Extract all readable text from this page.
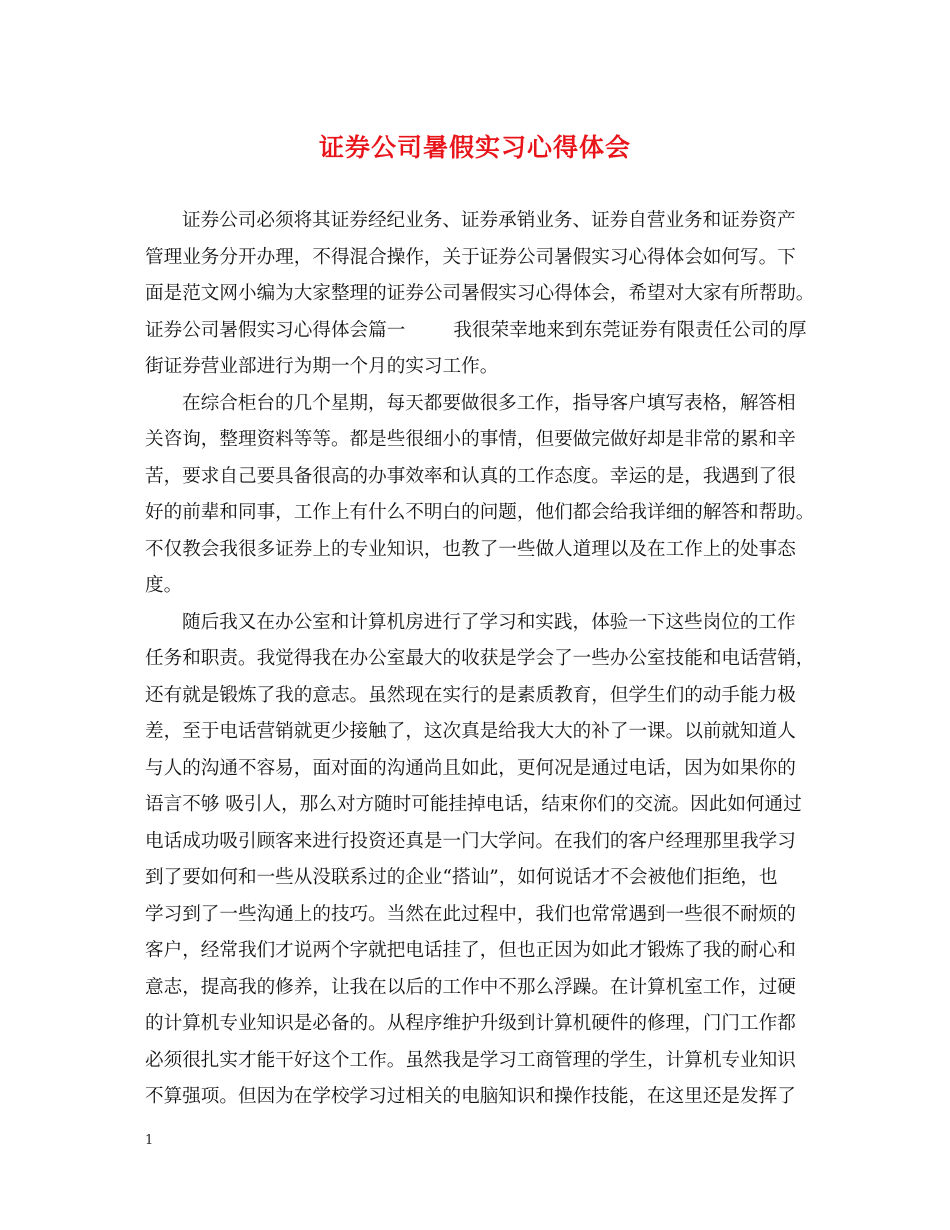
证券公司暑假实习心得体会

证券公司必须将其证券经纪业务、证券承销业务、证券自营业务和证券资产

管理业务分开办理，不得混合操作，关于证券公司暑假实习心得体会如何写。下

面是范文网小编为大家整理的证券公司暑假实习心得体会，希望对大家有所帮助。

证券公司暑假实习心得体会篇一	我很荣幸地来到东莞证券有限责任公司的厚

街证券营业部进行为期一个月的实习工作。

在综合柜台的几个星期，每天都要做很多工作，指导客户填写表格，解答相

关咨询，整理资料等等。都是些很细小的事情，但要做完做好却是非常的累和辛

苦，要求自己要具备很高的办事效率和认真的工作态度。幸运的是，我遇到了很

好的前辈和同事，工作上有什么不明白的问题，他们都会给我详细的解答和帮助。

不仅教会我很多证券上的专业知识，也教了一些做人道理以及在工作上的处事态

度。

随后我又在办公室和计算机房进行了学习和实践，体验一下这些岗位的工作

任务和职责。我觉得我在办公室最大的收获是学会了一些办公室技能和电话营销，

还有就是锻炼了我的意志。虽然现在实行的是素质教育，但学生们的动手能力极

差，至于电话营销就更少接触了，这次真是给我大大的补了一课。以前就知道人

与人的沟通不容易，面对面的沟通尚且如此，更何况是通过电话，因为如果你的

语言不够 吸引人，那么对方随时可能挂掉电话，结束你们的交流。因此如何通过

电话成功吸引顾客来进行投资还真是一门大学问。在我们的客户经理那里我学习

到了要如何和一些从没联系过的企业“搭讪”，如何说话才不会被他们拒绝，也

学习到了一些沟通上的技巧。当然在此过程中，我们也常常遇到一些很不耐烦的

客户，经常我们才说两个字就把电话挂了，但也正因为如此才锻炼了我的耐心和

意志，提高我的修养，让我在以后的工作中不那么浮躁。在计算机室工作，过硬

的计算机专业知识是必备的。从程序维护升级到计算机硬件的修理，门门工作都

必须很扎实才能干好这个工作。虽然我是学习工商管理的学生，计算机专业知识

不算强项。但因为在学校学习过相关的电脑知识和操作技能，在这里还是发挥了

1
